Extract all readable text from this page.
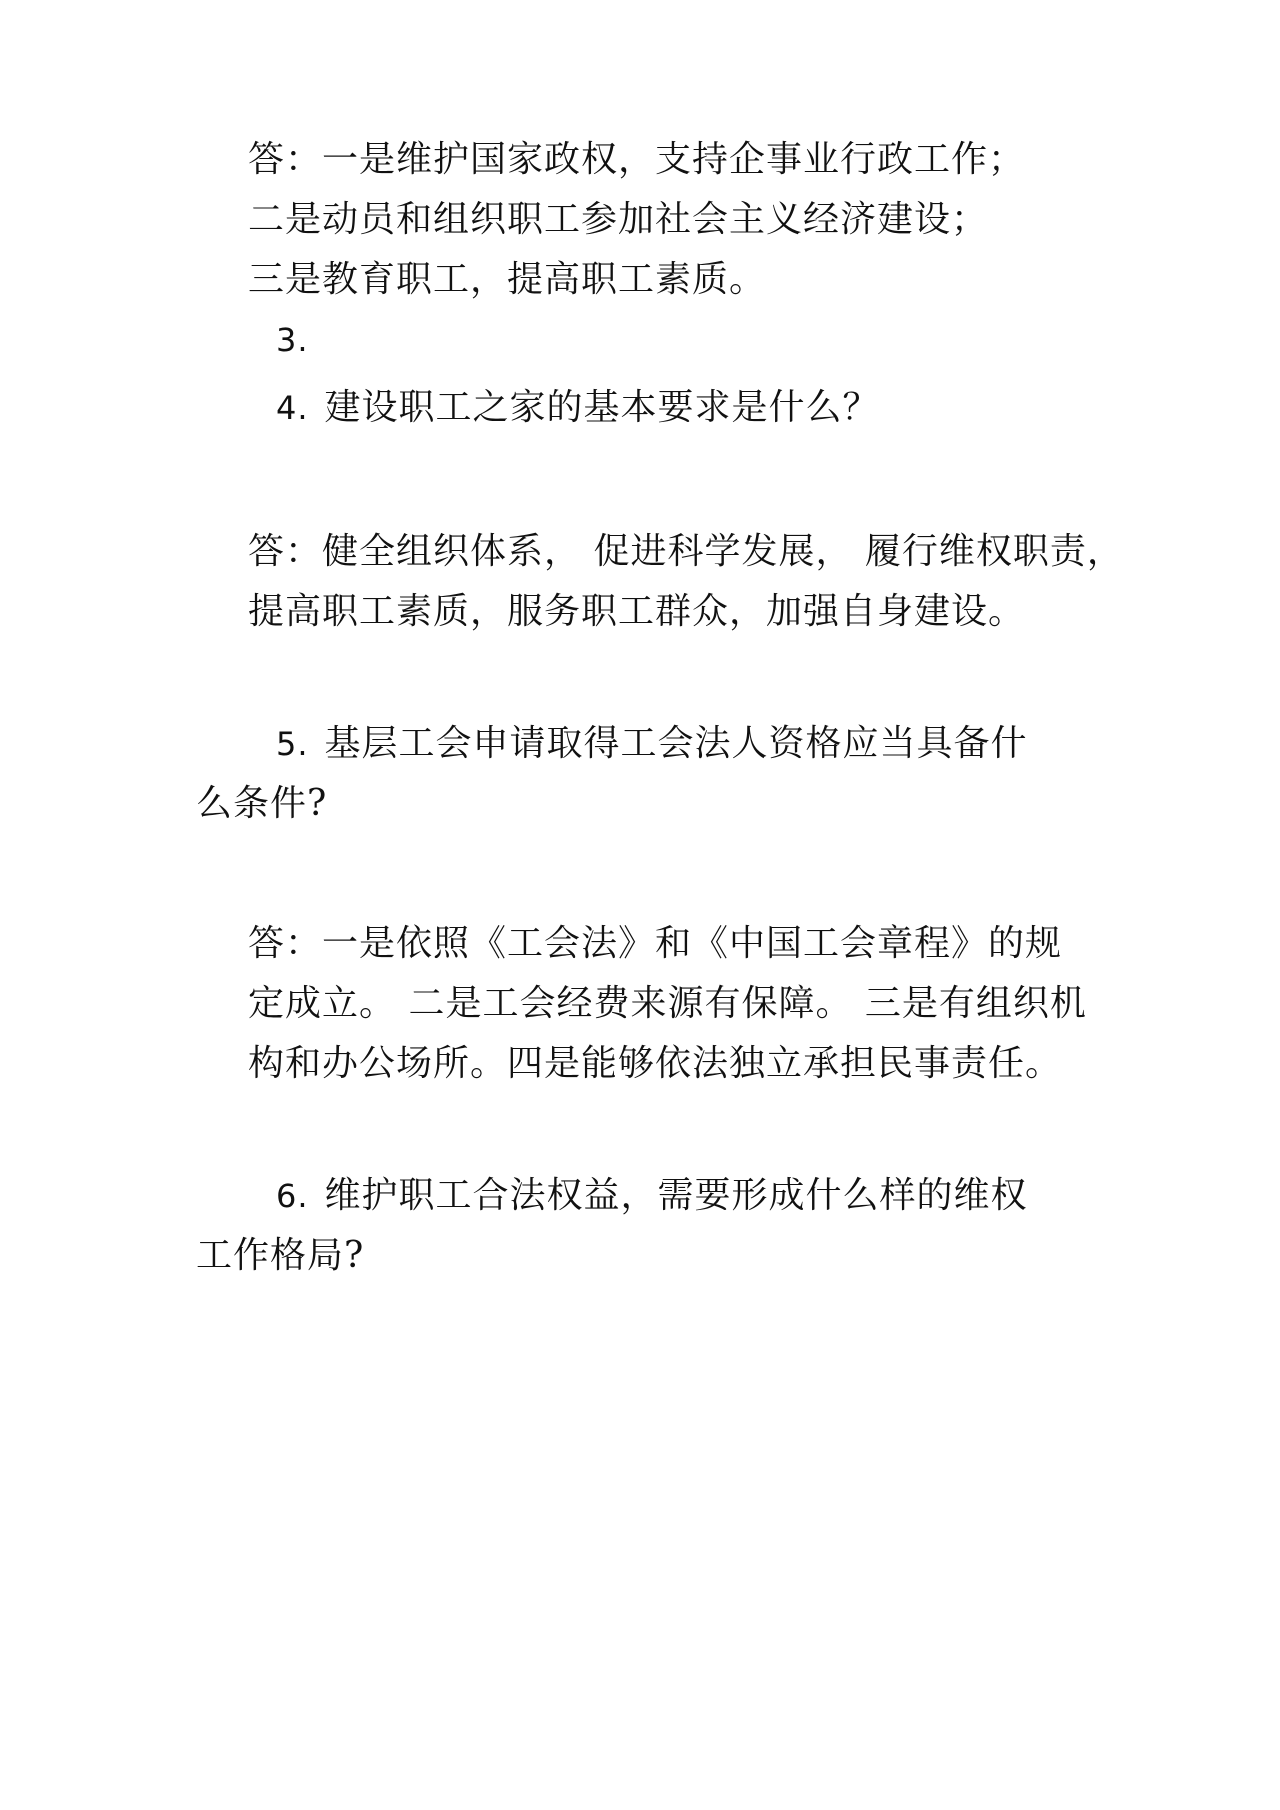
答：一是维护国家政权，支持企事业行政工作；
二是动员和组织职工参加社会主义经济建设；
三是教育职工，提高职工素质。
3.
4. 建设职工之家的基本要求是什么？
答：健全组织体系， 促进科学发展， 履行维权职责，
提高职工素质，服务职工群众，加强自身建设。
5. 基层工会申请取得工会法人资格应当具备什
么条件?
答：一是依照《工会法》和《中国工会章程》的规
定成立。 二是工会经费来源有保障。 三是有组织机
构和办公场所。四是能够依法独立承担民事责任。
6. 维护职工合法权益，需要形成什么样的维权
工作格局?
